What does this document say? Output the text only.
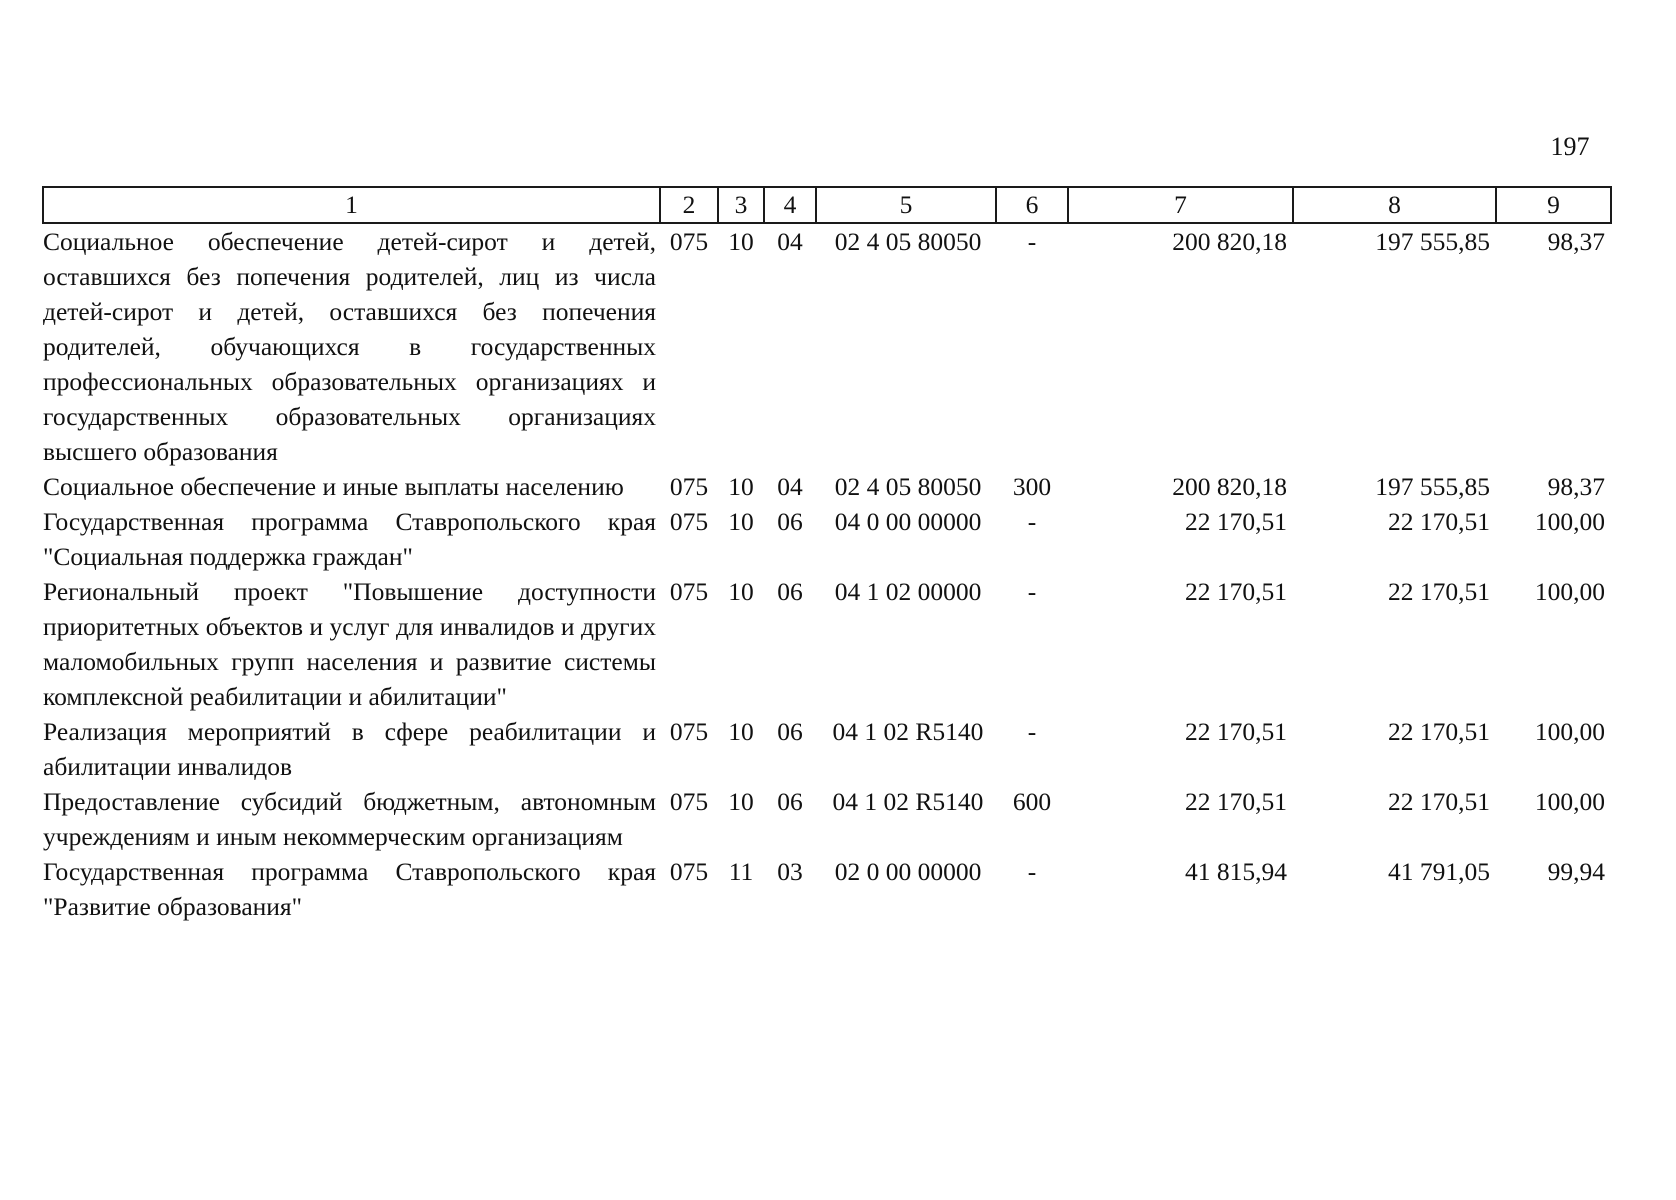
197
1	2	3	4	5	6	7	8	9
Социальное обеспечение детей-сирот и детей, оставшихся без попечения родителей, лиц из числа детей-сирот и детей, оставшихся без попечения родителей, обучающихся в государственных профессиональных образовательных организациях и государственных образовательных организациях высшего образования	075	10	04	02 4 05 80050	-	200 820,18	197 555,85	98,37
Социальное обеспечение и иные выплаты населению	075	10	04	02 4 05 80050	300	200 820,18	197 555,85	98,37
Государственная программа Ставропольского края "Социальная поддержка граждан"	075	10	06	04 0 00 00000	-	22 170,51	22 170,51	100,00
Региональный проект "Повышение доступности приоритетных объектов и услуг для инвалидов и других маломобильных групп населения и развитие системы комплексной реабилитации и абилитации"	075	10	06	04 1 02 00000	-	22 170,51	22 170,51	100,00
Реализация мероприятий в сфере реабилитации и абилитации инвалидов	075	10	06	04 1 02 R5140	-	22 170,51	22 170,51	100,00
Предоставление субсидий бюджетным, автономным учреждениям и иным некоммерческим организациям	075	10	06	04 1 02 R5140	600	22 170,51	22 170,51	100,00
Государственная программа Ставропольского края "Развитие образования"	075	11	03	02 0 00 00000	-	41 815,94	41 791,05	99,94
